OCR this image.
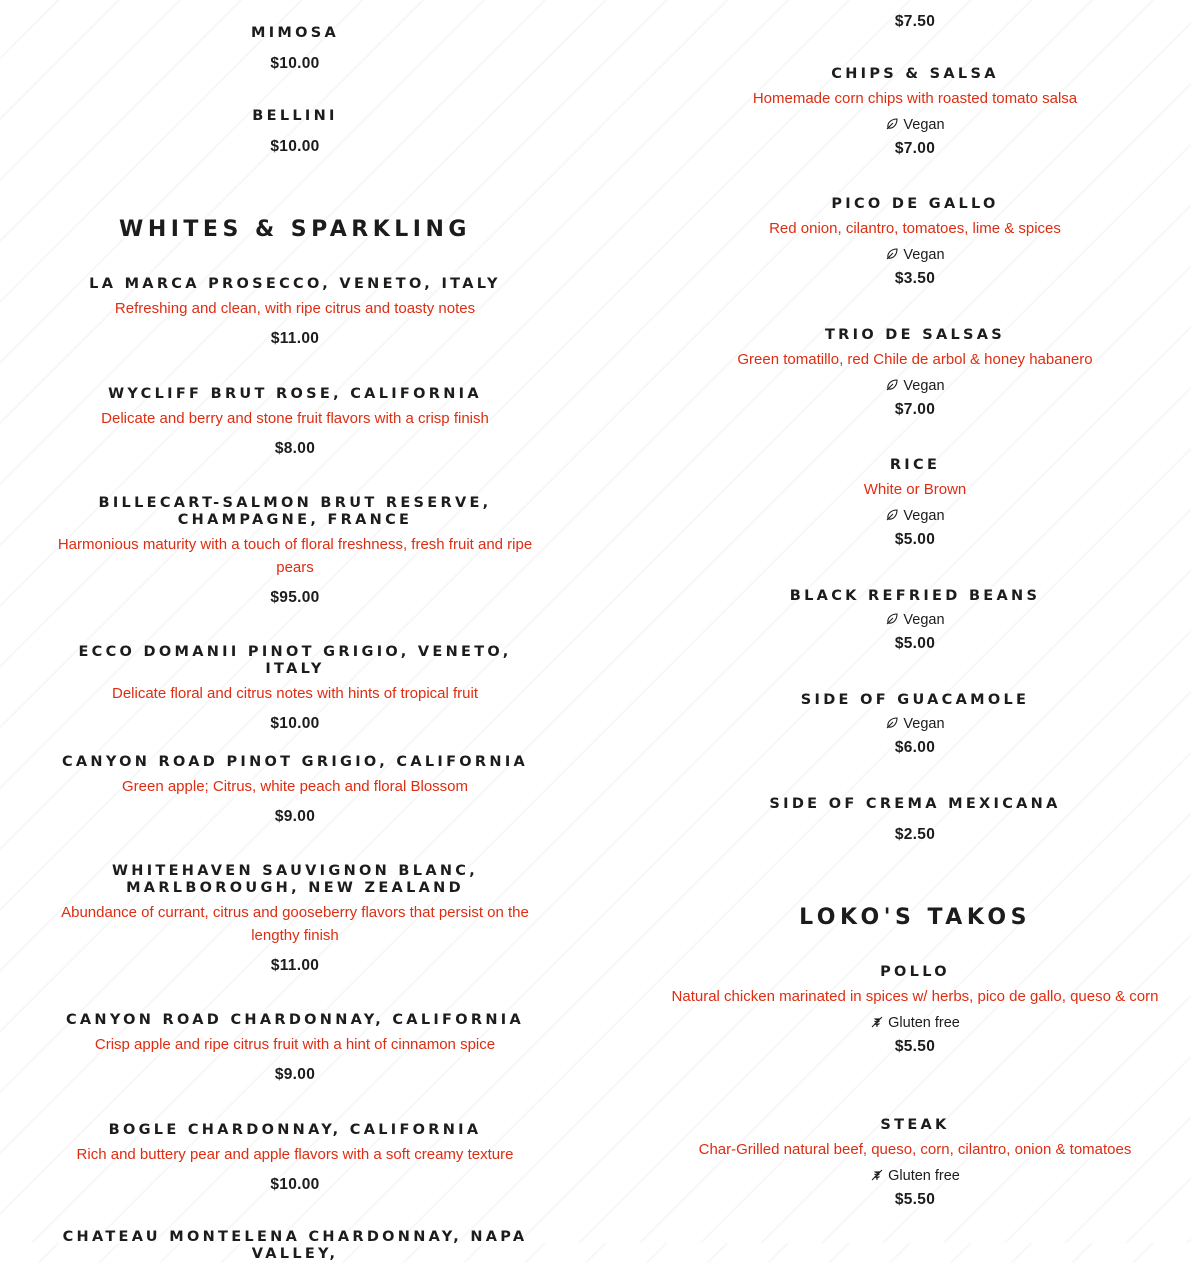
MIMOSA
$10.00
BELLINI
$10.00
WHITES & SPARKLING
LA MARCA PROSECCO, VENETO, ITALY
Refreshing and clean, with ripe citrus and toasty notes
$11.00
WYCLIFF BRUT ROSE, CALIFORNIA
Delicate and berry and stone fruit flavors with a crisp finish
$8.00
BILLECART-SALMON BRUT RESERVE, CHAMPAGNE, FRANCE
Harmonious maturity with a touch of floral freshness, fresh fruit and ripe pears
$95.00
ECCO DOMANII PINOT GRIGIO, VENETO, ITALY
Delicate floral and citrus notes with hints of tropical fruit
$10.00
CANYON ROAD PINOT GRIGIO, CALIFORNIA
Green apple; Citrus, white peach and floral Blossom
$9.00
WHITEHAVEN SAUVIGNON BLANC, MARLBOROUGH, NEW ZEALAND
Abundance of currant, citrus and gooseberry flavors that persist on the lengthy finish
$11.00
CANYON ROAD CHARDONNAY, CALIFORNIA
Crisp apple and ripe citrus fruit with a hint of cinnamon spice
$9.00
BOGLE CHARDONNAY, CALIFORNIA
Rich and buttery pear and apple flavors with a soft creamy texture
$10.00
CHATEAU MONTELENA CHARDONNAY, NAPA VALLEY,
$7.50
CHIPS & SALSA
Homemade corn chips with roasted tomato salsa
Vegan
$7.00
PICO DE GALLO
Red onion, cilantro, tomatoes, lime & spices
Vegan
$3.50
TRIO DE SALSAS
Green tomatillo, red Chile de arbol & honey habanero
Vegan
$7.00
RICE
White or Brown
Vegan
$5.00
BLACK REFRIED BEANS
Vegan
$5.00
SIDE OF GUACAMOLE
Vegan
$6.00
SIDE OF CREMA MEXICANA
$2.50
LOKO'S TAKOS
POLLO
Natural chicken marinated in spices w/ herbs, pico de gallo, queso & corn
Gluten free
$5.50
STEAK
Char-Grilled natural beef, queso, corn, cilantro, onion & tomatoes
Gluten free
$5.50
